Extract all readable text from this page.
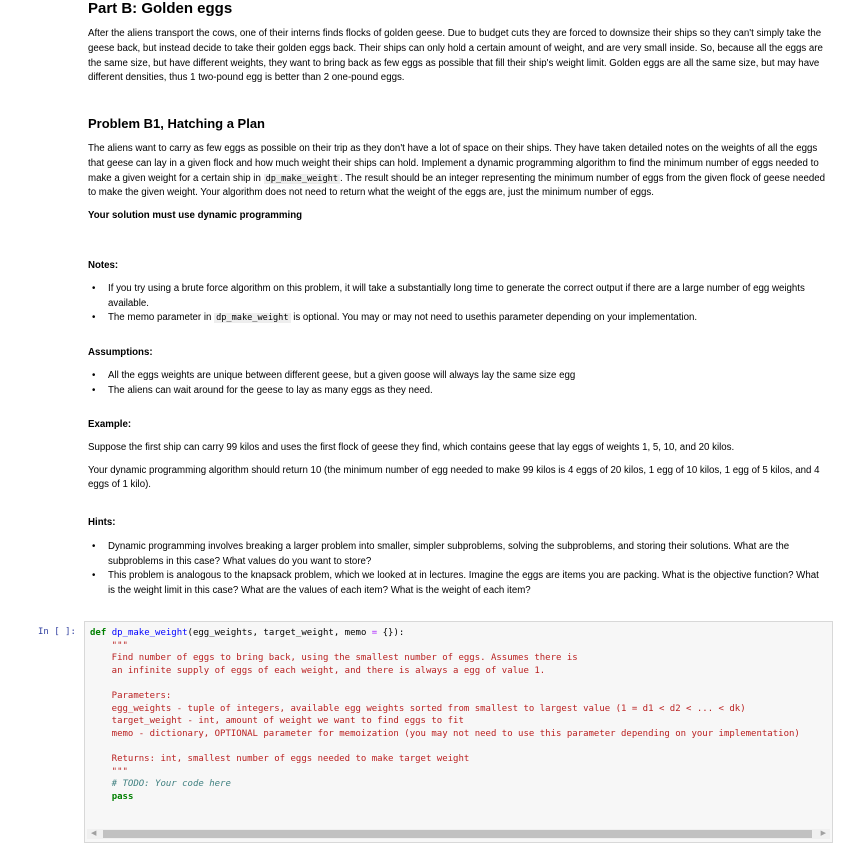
Part B: Golden eggs

After the aliens transport the cows, one of their interns finds flocks of golden geese. Due to budget cuts they are forced to downsize their ships so they can't simply take the geese back, but instead decide to take their golden eggs back. Their ships can only hold a certain amount of weight, and are very small inside. So, because all the eggs are the same size, but have different weights, they want to bring back as few eggs as possible that fill their ship's weight limit. Golden eggs are all the same size, but may have different densities, thus 1 two-pound egg is better than 2 one-pound eggs.

Problem B1, Hatching a Plan

The aliens want to carry as few eggs as possible on their trip as they don't have a lot of space on their ships. They have taken detailed notes on the weights of all the eggs that geese can lay in a given flock and how much weight their ships can hold. Implement a dynamic programming algorithm to find the minimum number of eggs needed to make a given weight for a certain ship in dp_make_weight . The result should be an integer representing the minimum number of eggs from the given flock of geese needed to make the given weight. Your algorithm does not need to return what the weight of the eggs are, just the minimum number of eggs.

Your solution must use dynamic programming

Notes:

• If you try using a brute force algorithm on this problem, it will take a substantially long time to generate the correct output if there are a large number of egg weights available.
• The memo parameter in dp_make_weight is optional. You may or may not need to usethis parameter depending on your implementation.

Assumptions:

• All the eggs weights are unique between different geese, but a given goose will always lay the same size egg
• The aliens can wait around for the geese to lay as many eggs as they need.

Example:

Suppose the first ship can carry 99 kilos and uses the first flock of geese they find, which contains geese that lay eggs of weights 1, 5, 10, and 20 kilos.

Your dynamic programming algorithm should return 10 (the minimum number of egg needed to make 99 kilos is 4 eggs of 20 kilos, 1 egg of 10 kilos, 1 egg of 5 kilos, and 4 eggs of 1 kilo).

Hints:

• Dynamic programming involves breaking a larger problem into smaller, simpler subproblems, solving the subproblems, and storing their solutions. What are the subproblems in this case? What values do you want to store?
• This problem is analogous to the knapsack problem, which we looked at in lectures. Imagine the eggs are items you are packing. What is the objective function? What is the weight limit in this case? What are the values of each item? What is the weight of each item?
In [ ]:	def dp_make_weight(egg_weights, target_weight, memo = {}):
"""
Find number of eggs to bring back, using the smallest number of eggs. Assumes there is
an infinite supply of eggs of each weight, and there is always a egg of value 1.

Parameters:
egg_weights - tuple of integers, available egg weights sorted from smallest to largest value (1 = d1 < d2 < ... < dk)
target_weight - int, amount of weight we want to find eggs to fit
memo - dictionary, OPTIONAL parameter for memoization (you may not need to use this parameter depending on your implementation)

Returns: int, smallest number of eggs needed to make target weight
"""
# TODO: Your code here
pass
◀	▶
